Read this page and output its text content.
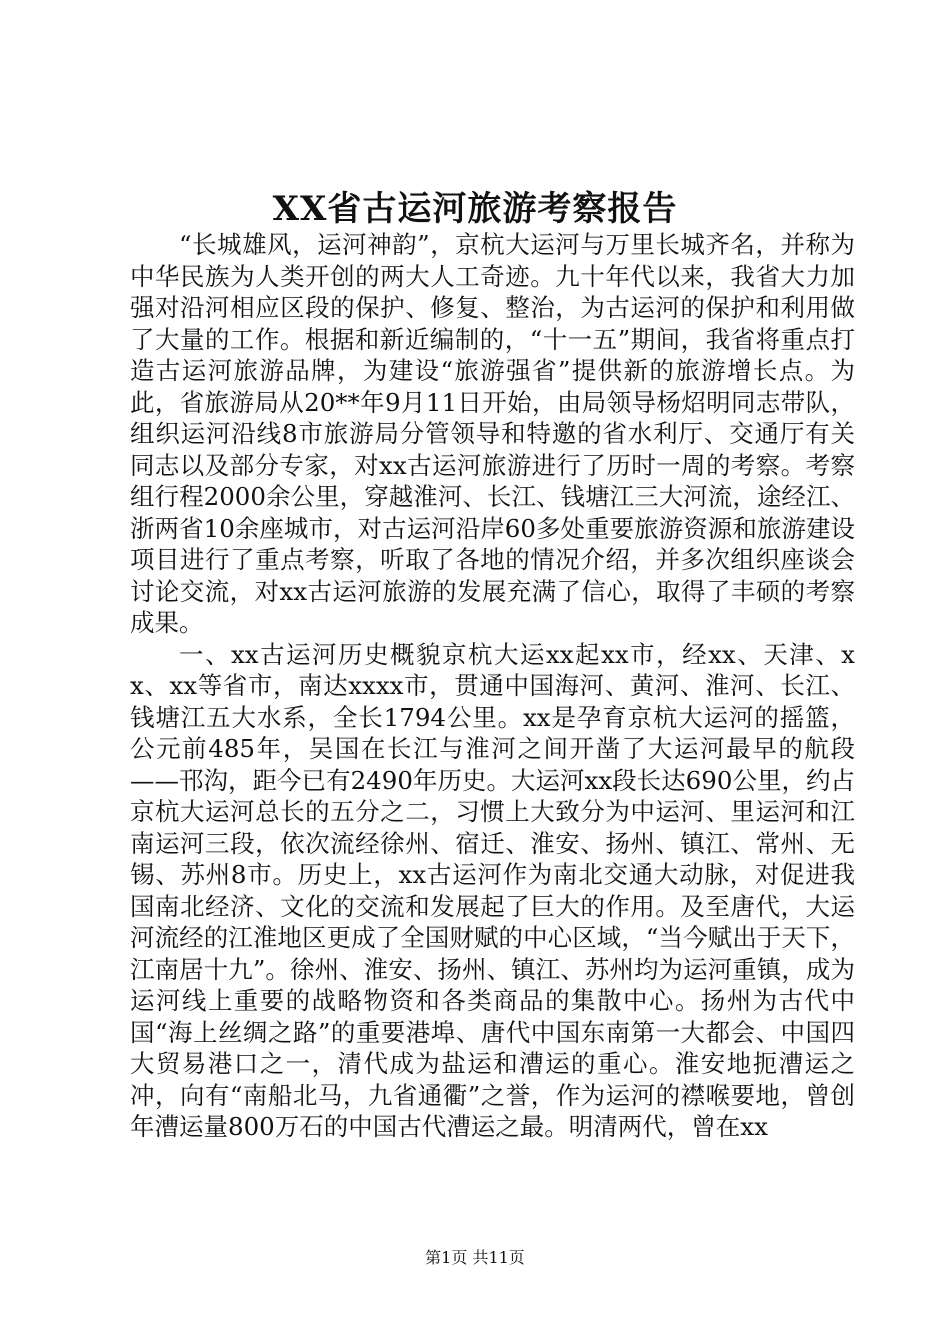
XX省古运河旅游考察报告

“长城雄风，运河神韵”，京杭大运河与万里长城齐名，并称为中华民族为人类开创的两大人工奇迹。九十年代以来，我省大力加强对沿河相应区段的保护、修复、整治，为古运河的保护和利用做了大量的工作。根据和新近编制的，“十一五”期间，我省将重点打造古运河旅游品牌，为建设“旅游强省”提供新的旅游增长点。为此，省旅游局从20**年9月11日开始，由局领导杨炤明同志带队，组织运河沿线8市旅游局分管领导和特邀的省水利厅、交通厅有关同志以及部分专家，对xx古运河旅游进行了历时一周的考察。考察组行程2000余公里，穿越淮河、长江、钱塘江三大河流，途经江、浙两省10余座城市，对古运河沿岸60多处重要旅游资源和旅游建设项目进行了重点考察，听取了各地的情况介绍，并多次组织座谈会讨论交流，对xx古运河旅游的发展充满了信心，取得了丰硕的考察成果。

一、xx古运河历史概貌京杭大运xx起xx市，经xx、天津、xx、xx等省市，南达xxxx市，贯通中国海河、黄河、淮河、长江、钱塘江五大水系，全长1794公里。xx是孕育京杭大运河的摇篮，公元前485年，吴国在长江与淮河之间开凿了大运河最早的航段——邗沟，距今已有2490年历史。大运河xx段长达690公里，约占京杭大运河总长的五分之二，习惯上大致分为中运河、里运河和江南运河三段，依次流经徐州、宿迁、淮安、扬州、镇江、常州、无锡、苏州8市。历史上，xx古运河作为南北交通大动脉，对促进我国南北经济、文化的交流和发展起了巨大的作用。及至唐代，大运河流经的江淮地区更成了全国财赋的中心区域，“当今赋出于天下，江南居十九”。徐州、淮安、扬州、镇江、苏州均为运河重镇，成为运河线上重要的战略物资和各类商品的集散中心。扬州为古代中国“海上丝绸之路”的重要港埠、唐代中国东南第一大都会、中国四大贸易港口之一，清代成为盐运和漕运的重心。淮安地扼漕运之冲，向有“南船北马，九省通衢”之誉，作为运河的襟喉要地，曾创年漕运量800万石的中国古代漕运之最。明清两代，曾在xx

第1页 共11页
